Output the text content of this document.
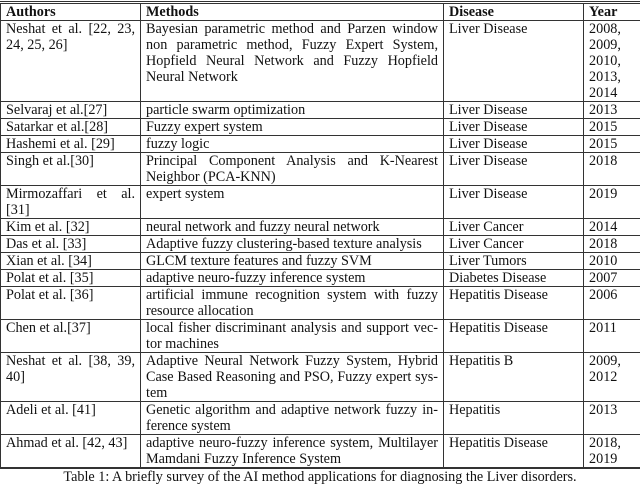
Authors	Methods	Disease	Year
Neshat et al. [22, 23, 24, 25, 26]	Bayesian parametric method and Parzen window non parametric method, Fuzzy Expert System, Hopfield Neural Network and Fuzzy Hopfield Neural Network	Liver Disease	2008, 2009, 2010, 2013, 2014
Selvaraj et al.[27]	particle swarm optimization	Liver Disease	2013
Satarkar et al.[28]	Fuzzy expert system	Liver Disease	2015
Hashemi et al. [29]	fuzzy logic	Liver Disease	2015
Singh et al.[30]	Principal Component Analysis and K-Nearest Neighbor (PCA-KNN)	Liver Disease	2018
Mirmozaffari et al. [31]	expert system	Liver Disease	2019
Kim et al. [32]	neural network and fuzzy neural network	Liver Cancer	2014
Das et al. [33]	Adaptive fuzzy clustering-based texture analysis	Liver Cancer	2018
Xian et al. [34]	GLCM texture features and fuzzy SVM	Liver Tumors	2010
Polat et al. [35]	adaptive neuro-fuzzy inference system	Diabetes Disease	2007
Polat et al. [36]	artificial immune recognition system with fuzzy resource allocation	Hepatitis Disease	2006
Chen et al.[37]	local fisher discriminant analysis and support vector machines	Hepatitis Disease	2011
Neshat et al. [38, 39, 40]	Adaptive Neural Network Fuzzy System, Hybrid Case Based Reasoning and PSO, Fuzzy expert system	Hepatitis B	2009, 2012
Adeli et al. [41]	Genetic algorithm and adaptive network fuzzy inference system	Hepatitis	2013
Ahmad et al. [42, 43]	adaptive neuro-fuzzy inference system, Multilayer Mamdani Fuzzy Inference System	Hepatitis Disease	2018, 2019
Table 1: A briefly survey of the AI method applications for diagnosing the Liver disorders.
